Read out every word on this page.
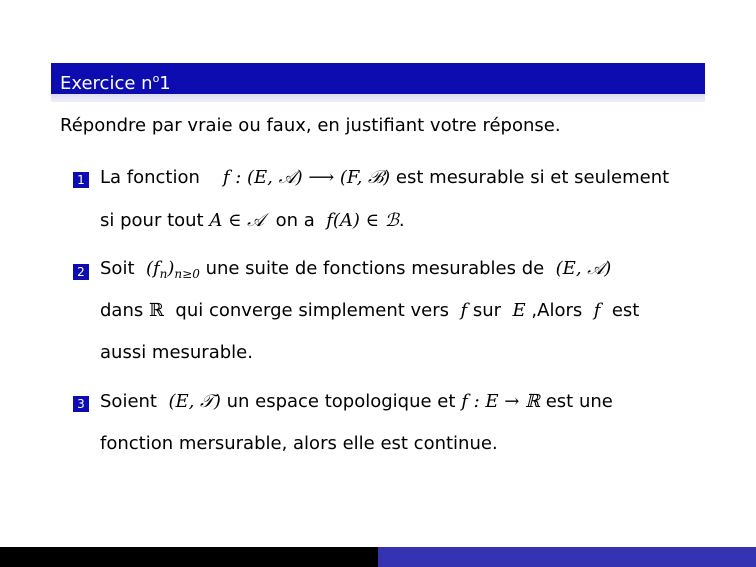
Exercice $n^o1$
Répondre par vraie ou faux, en justifiant votre réponse.
1 La fonction f : (E, 𝒜) ⟶ (F, ℬ) est mesurable si et seulement
si pour tout A ∈ 𝒜 on a f(A) ∈ ℬ.
2 Soit $(f_n)_{n\ge 0}$ une suite de fonctions mesurables de (E, 𝒜)
dans ℝ qui converge simplement vers f sur E ,Alors f est
aussi mesurable.
3 Soient (E, 𝒯) un espace topologique et f : E → ℝ est une
fonction mersurable, alors elle est continue.
